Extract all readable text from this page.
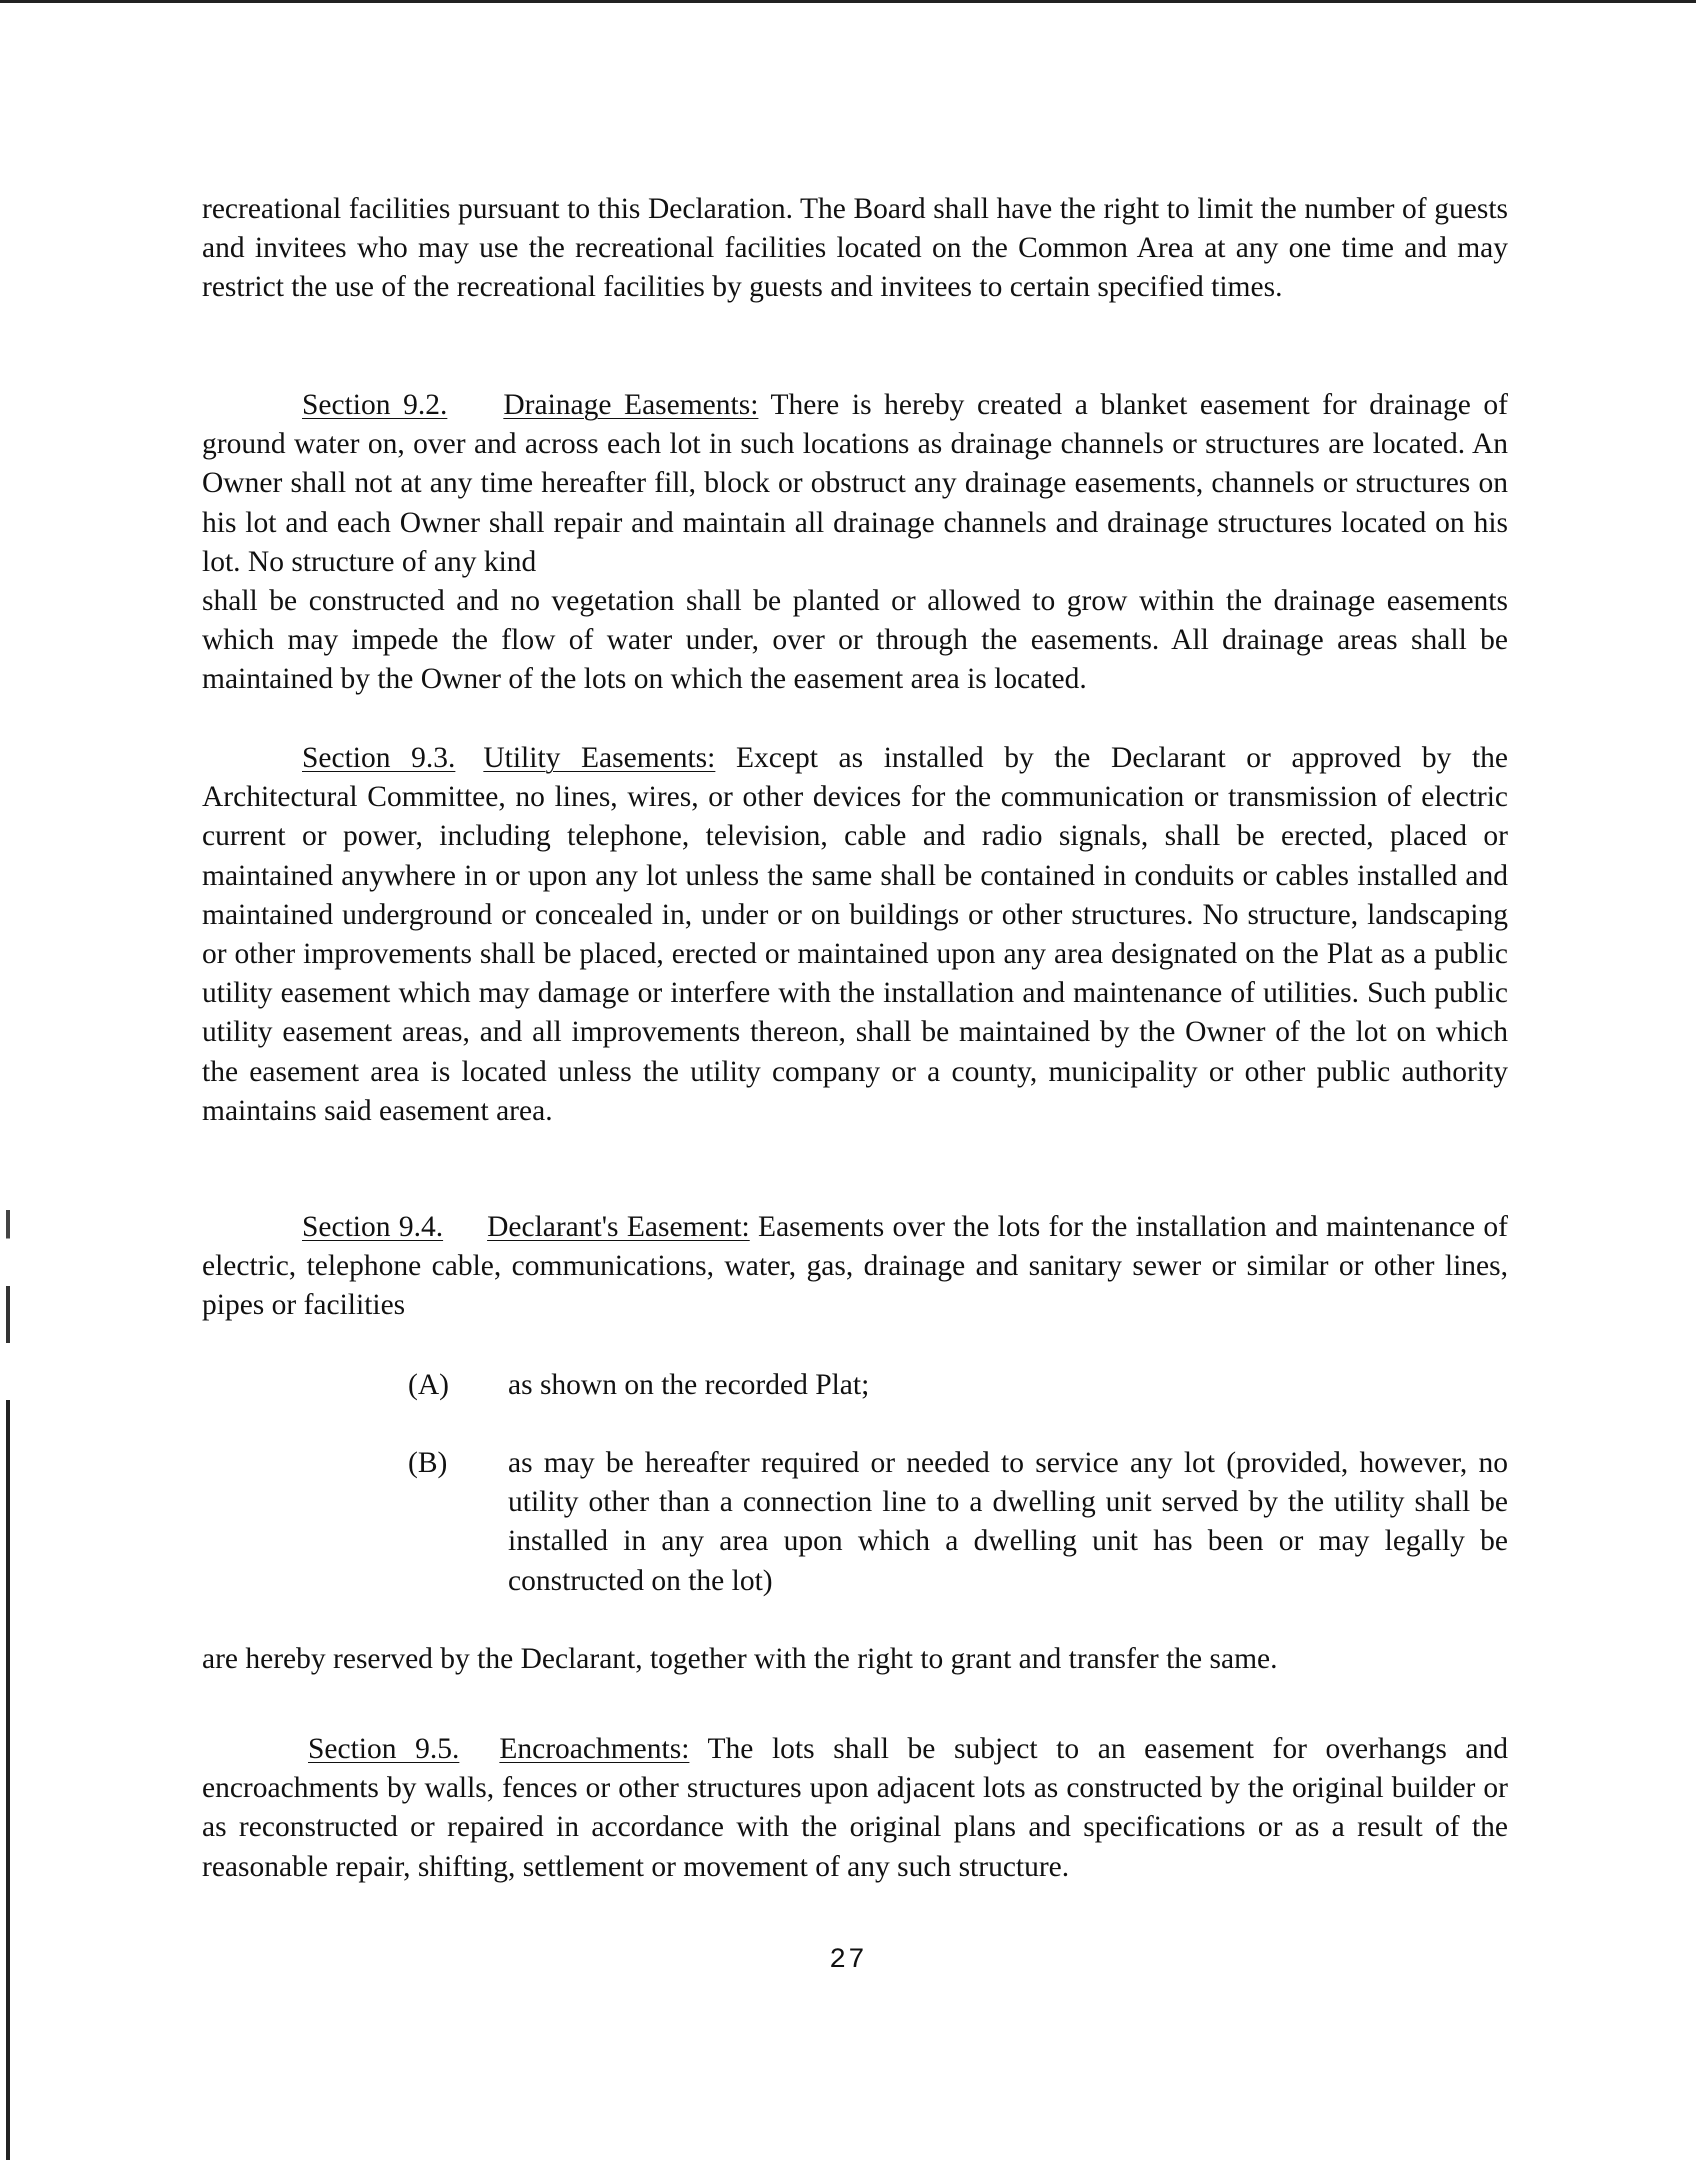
recreational facilities pursuant to this Declaration. The Board shall have the right to limit the number of guests and invitees who may use the recreational facilities located on the Common Area at any one time and may restrict the use of the recreational facilities by guests and invitees to certain specified times.

Section 9.2. Drainage Easements: There is hereby created a blanket easement for drainage of ground water on, over and across each lot in such locations as drainage channels or structures are located. An Owner shall not at any time hereafter fill, block or obstruct any drainage easements, channels or structures on his lot and each Owner shall repair and maintain all drainage channels and drainage structures located on his lot. No structure of any kind

shall be constructed and no vegetation shall be planted or allowed to grow within the drainage easements which may impede the flow of water under, over or through the easements. All drainage areas shall be maintained by the Owner of the lots on which the easement area is located.

Section 9.3. Utility Easements: Except as installed by the Declarant or approved by the Architectural Committee, no lines, wires, or other devices for the communication or transmission of electric current or power, including telephone, television, cable and radio signals, shall be erected, placed or maintained anywhere in or upon any lot unless the same shall be contained in conduits or cables installed and maintained underground or concealed in, under or on buildings or other structures. No structure, landscaping or other improvements shall be placed, erected or maintained upon any area designated on the Plat as a public utility easement which may damage or interfere with the installation and maintenance of utilities. Such public utility easement areas, and all improvements thereon, shall be maintained by the Owner of the lot on which the easement area is located unless the utility company or a county, municipality or other public authority maintains said easement area.

Section 9.4. Declarant's Easement: Easements over the lots for the installation and maintenance of electric, telephone cable, communications, water, gas, drainage and sanitary sewer or similar or other lines, pipes or facilities

(A) as shown on the recorded Plat;

(B) as may be hereafter required or needed to service any lot (provided, however, no utility other than a connection line to a dwelling unit served by the utility shall be installed in any area upon which a dwelling unit has been or may legally be constructed on the lot)

are hereby reserved by the Declarant, together with the right to grant and transfer the same.

Section 9.5. Encroachments: The lots shall be subject to an easement for overhangs and encroachments by walls, fences or other structures upon adjacent lots as constructed by the original builder or as reconstructed or repaired in accordance with the original plans and specifications or as a result of the reasonable repair, shifting, settlement or movement of any such structure.

27
